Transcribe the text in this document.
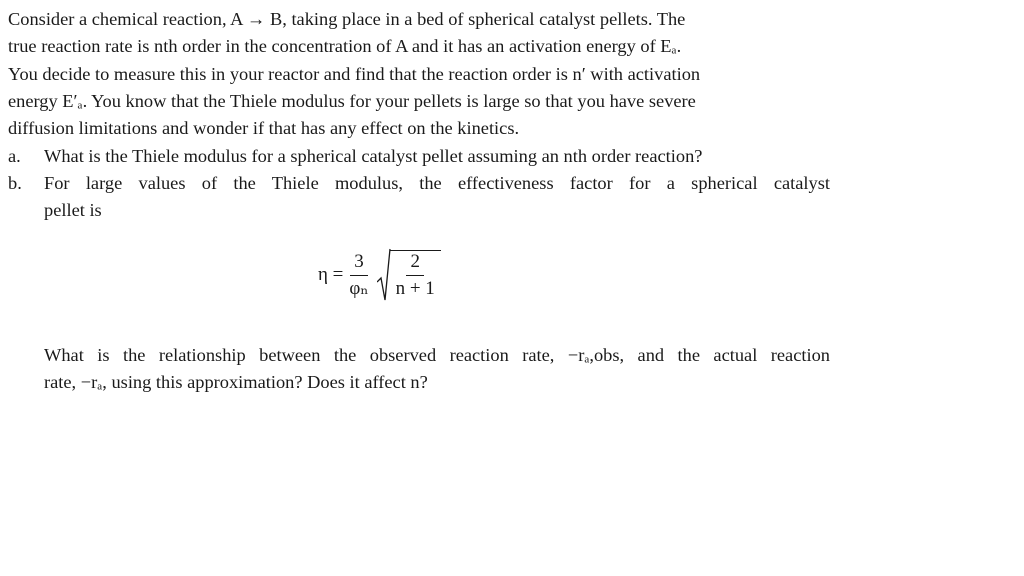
Consider a chemical reaction, A → B, taking place in a bed of spherical catalyst pellets. The
true reaction rate is nth order in the concentration of A and it has an activation energy of Eₐ.
You decide to measure this in your reactor and find that the reaction order is n′ with activation
energy E′ₐ. You know that the Thiele modulus for your pellets is large so that you have severe
diffusion limitations and wonder if that has any effect on the kinetics.
a. What is the Thiele modulus for a spherical catalyst pellet assuming an nth order reaction?
b. For large values of the Thiele modulus, the effectiveness factor for a spherical catalyst
pellet is
$\eta = \frac{3}{\text{φₙ}} \frac{2}{n + 1}$
What is the relationship between the observed reaction rate, −rₐ,obs, and the actual reaction
rate, −rₐ, using this approximation? Does it affect n?
